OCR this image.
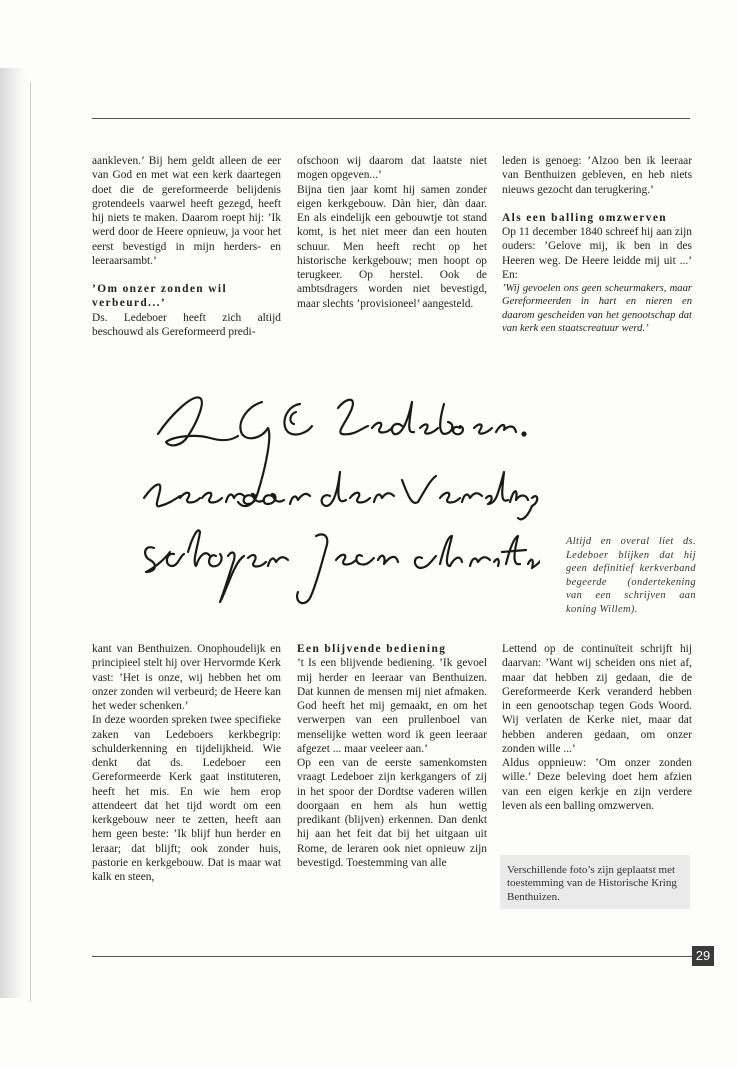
aankleven.’ Bij hem geldt alleen de eer van God en met wat een kerk daartegen doet die de gereformeerde belijdenis grotendeels vaarwel heeft gezegd, heeft hij niets te maken. Daarom roept hij: ’Ik werd door de Heere opnieuw, ja voor het eerst bevestigd in mijn herders- en leeraarsambt.’

’Om onzer zonden wil verbeurd...’

Ds. Ledeboer heeft zich altijd beschouwd als Gereformeerd predi-

ofschoon wij daarom dat laatste niet mogen opgeven...’

Bijna tien jaar komt hij samen zonder eigen kerkgebouw. Dàn hier, dàn daar. En als eindelijk een gebouwtje tot stand komt, is het niet meer dan een houten schuur. Men heeft recht op het historische kerkgebouw; men hoopt op terugkeer. Op herstel. Ook de ambtsdragers worden niet bevestigd, maar slechts ’provisioneel’ aangesteld.

leden is genoeg: ’Alzoo ben ik leeraar van Benthuizen gebleven, en heb niets nieuws gezocht dan terugkering.’

Als een balling omzwerven

Op 11 december 1840 schreef hij aan zijn ouders: ’Gelove mij, ik ben in des Heeren weg. De Heere leidde mij uit ...’ En:

’Wij gevoelen ons geen scheurmakers, maar Gereformeerden in hart en nieren en daarom gescheiden van het genootschap dat van kerk een staatscreatuur werd.’

Altijd en overal liet ds. Ledeboer blijken dat hij geen definitief kerkverband begeerde (ondertekening van een schrijven aan koning Willem).

kant van Benthuizen. Onophoudelijk en principieel stelt hij over Hervormde Kerk vast: ’Het is onze, wij hebben het om onzer zonden wil verbeurd; de Heere kan het weder schenken.’

In deze woorden spreken twee specifieke zaken van Ledeboers kerkbegrip: schulderkenning en tijdelijkheid. Wie denkt dat ds. Ledeboer een Gereformeerde Kerk gaat instituteren, heeft het mis. En wie hem erop attendeert dat het tijd wordt om een kerkgebouw neer te zetten, heeft aan hem geen beste: ’Ik blijf hun herder en leraar; dat blijft; ook zonder huis, pastorie en kerkgebouw. Dat is maar wat kalk en steen,

Een blijvende bediening

’t Is een blijvende bediening. ’Ik gevoel mij herder en leeraar van Benthuizen. Dat kunnen de mensen mij niet afmaken. God heeft het mij gemaakt, en om het verwerpen van een prullenboel van menselijke wetten word ik geen leeraar afgezet ... maar veeleer aan.’

Op een van de eerste samenkomsten vraagt Ledeboer zijn kerkgangers of zij in het spoor der Dordtse vaderen willen doorgaan en hem als hun wettig predikant (blijven) erkennen. Dan denkt hij aan het feit dat bij het uitgaan uit Rome, de leraren ook niet opnieuw zijn bevestigd. Toestemming van alle

Lettend op de continuïteit schrijft hij daarvan: ’Want wij scheiden ons niet af, maar dat hebben zij gedaan, die de Gereformeerde Kerk veranderd hebben in een genootschap tegen Gods Woord. Wij verlaten de Kerke niet, maar dat hebben anderen gedaan, om onzer zonden wille ...’

Aldus oppnieuw: ’Om onzer zonden wille.’ Deze beleving doet hem afzien van een eigen kerkje en zijn verdere leven als een balling omzwerven.

Verschillende foto’s zijn geplaatst met toestemming van de Historische Kring Benthuizen.
29
